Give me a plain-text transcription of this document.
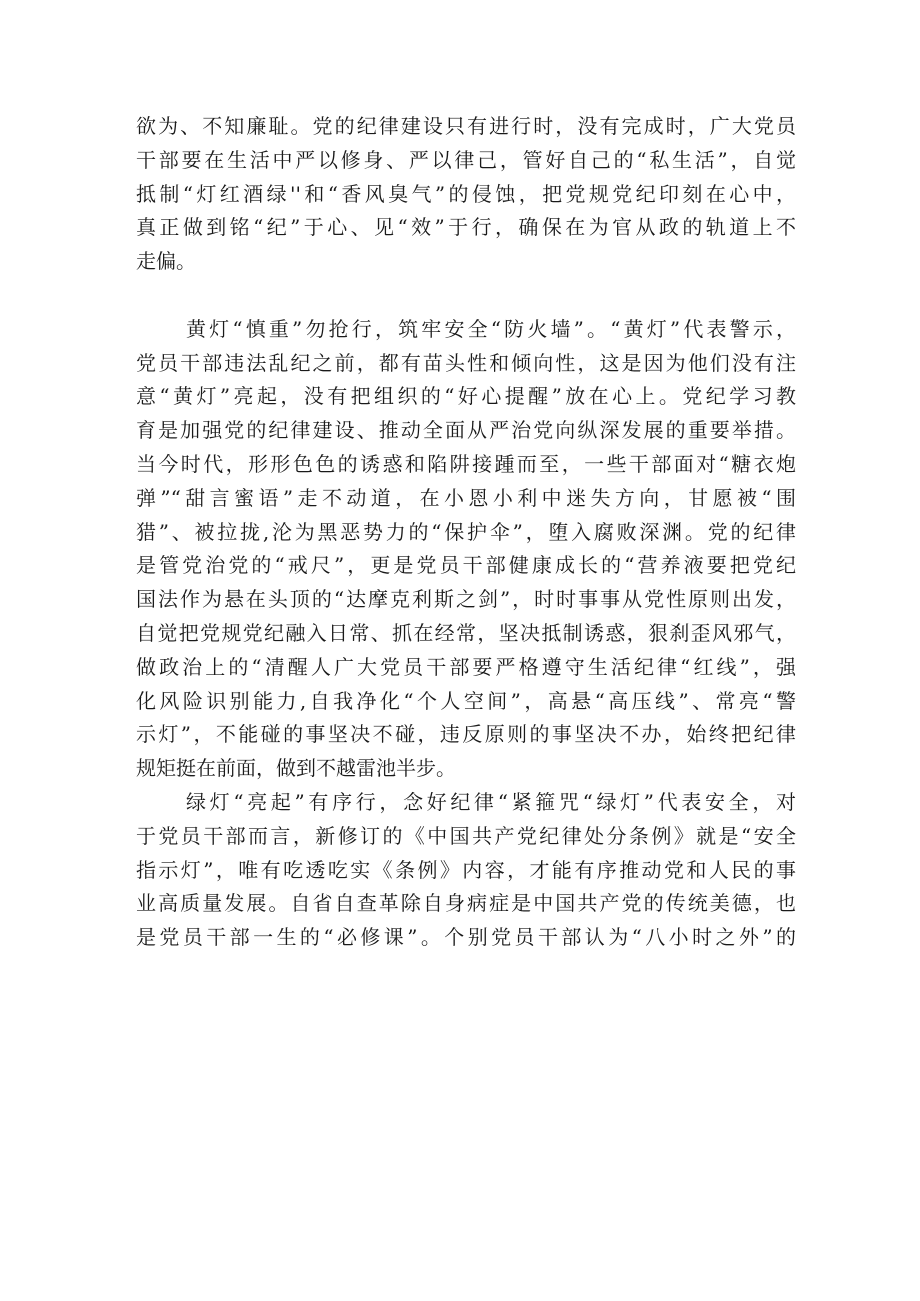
欲为、不知廉耻。党的纪律建设只有进行时，没有完成时，广大党员
干部要在生活中严以修身、严以律己，管好自己的“私生活”，自觉
抵制“灯红酒绿''和“香风臭气”的侵蚀，把党规党纪印刻在心中，
真正做到铭“纪”于心、见“效”于行，确保在为官从政的轨道上不
走偏。
黄灯“慎重”勿抢行，筑牢安全“防火墙”。“黄灯”代表警示，
党员干部违法乱纪之前，都有苗头性和倾向性，这是因为他们没有注
意“黄灯”亮起，没有把组织的“好心提醒”放在心上。党纪学习教
育是加强党的纪律建设、推动全面从严治党向纵深发展的重要举措。
当今时代，形形色色的诱惑和陷阱接踵而至，一些干部面对“糖衣炮
弹”“甜言蜜语”走不动道，在小恩小利中迷失方向，甘愿被“围
猎”、被拉拢,沦为黑恶势力的“保护伞”，堕入腐败深渊。党的纪律
是管党治党的“戒尺”，更是党员干部健康成长的“营养液要把党纪
国法作为悬在头顶的“达摩克利斯之剑”，时时事事从党性原则出发，
自觉把党规党纪融入日常、抓在经常，坚决抵制诱惑，狠刹歪风邪气，
做政治上的“清醒人广大党员干部要严格遵守生活纪律“红线”，强
化风险识别能力,自我净化“个人空间”，高悬“高压线”、常亮“警
示灯”，不能碰的事坚决不碰，违反原则的事坚决不办，始终把纪律
规矩挺在前面，做到不越雷池半步。
绿灯“亮起”有序行，念好纪律“紧箍咒“绿灯”代表安全，对
于党员干部而言，新修订的《中国共产党纪律处分条例》就是“安全
指示灯”，唯有吃透吃实《条例》内容，才能有序推动党和人民的事
业高质量发展。自省自查革除自身病症是中国共产党的传统美德，也
是党员干部一生的“必修课”。个别党员干部认为“八小时之外”的
